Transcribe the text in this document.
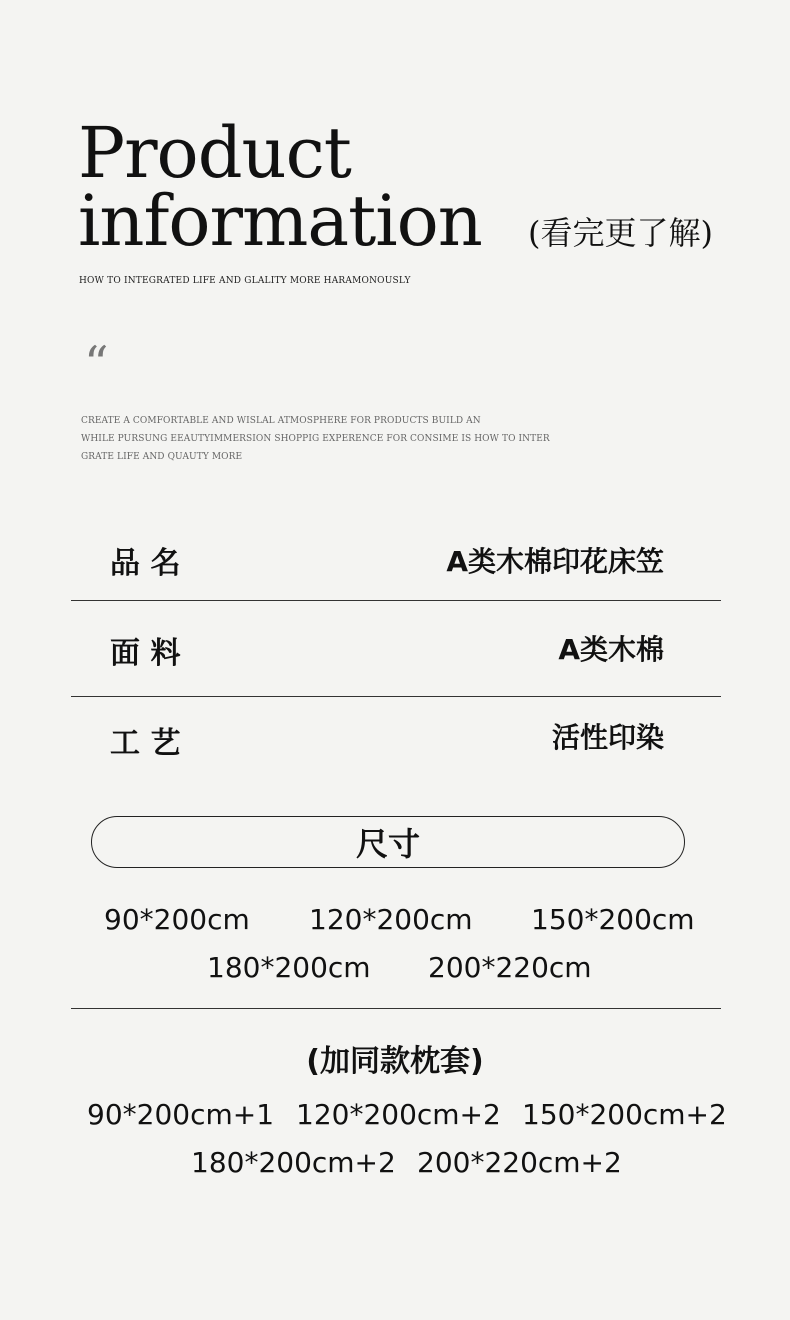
Product
information (看完更了解)
HOW TO INTEGRATED LIFE AND GLALITY MORE HARAMONOUSLY
“
CREATE A COMFORTABLE AND WISLAL ATMOSPHERE FOR PRODUCTS BUILD AN
WHILE PURSUNG EEAUTYIMMERSION SHOPPIG EXPERENCE FOR CONSIME IS HOW TO INTER
GRATE LIFE AND QUAUTY MORE
品 名	A类木棉印花床笠
面 料	A类木棉
工 艺	活性印染
尺寸
90*200cm 120*200cm 150*200cm
180*200cm 200*220cm
(加同款枕套)
90*200cm+1 120*200cm+2 150*200cm+2
180*200cm+2 200*220cm+2
